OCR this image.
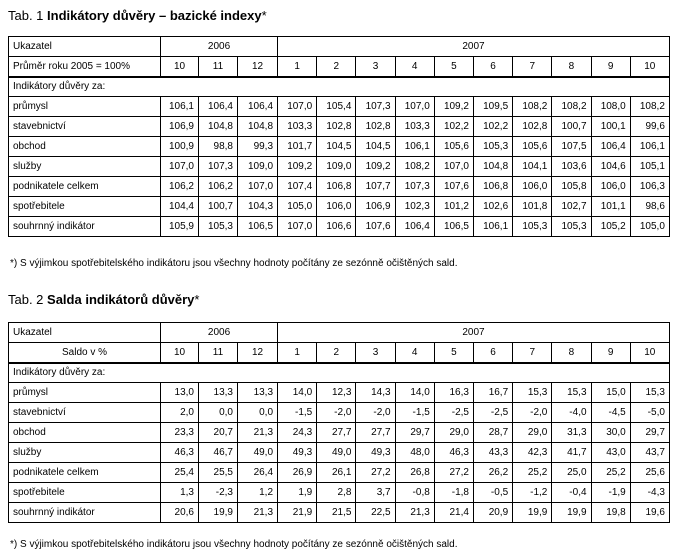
Tab. 1 Indikátory důvěry – bazické indexy*
Ukazatel	2006			2007									
Průměr roku 2005 = 100%	10	11	12	1	2	3	4	5	6	7	8	9	10
Indikátory důvěry za:													
průmysl	106,1	106,4	106,4	107,0	105,4	107,3	107,0	109,2	109,5	108,2	108,2	108,0	108,2
stavebnictví	106,9	104,8	104,8	103,3	102,8	102,8	103,3	102,2	102,2	102,8	100,7	100,1	99,6
obchod	100,9	98,8	99,3	101,7	104,5	104,5	106,1	105,6	105,3	105,6	107,5	106,4	106,1
služby	107,0	107,3	109,0	109,2	109,0	109,2	108,2	107,0	104,8	104,1	103,6	104,6	105,1
podnikatele celkem	106,2	106,2	107,0	107,4	106,8	107,7	107,3	107,6	106,8	106,0	105,8	106,0	106,3
spotřebitele	104,4	100,7	104,3	105,0	106,0	106,9	102,3	101,2	102,6	101,8	102,7	101,1	98,6
souhrnný indikátor	105,9	105,3	106,5	107,0	106,6	107,6	106,4	106,5	106,1	105,3	105,3	105,2	105,0
*) S výjimkou spotřebitelského indikátoru jsou všechny hodnoty počítány ze sezónně očištěných sald.
Tab. 2 Salda indikátorů důvěry*
Ukazatel	2006			2007									
Saldo v %	10	11	12	1	2	3	4	5	6	7	8	9	10
Indikátory důvěry za:													
průmysl	13,0	13,3	13,3	14,0	12,3	14,3	14,0	16,3	16,7	15,3	15,3	15,0	15,3
stavebnictví	2,0	0,0	0,0	-1,5	-2,0	-2,0	-1,5	-2,5	-2,5	-2,0	-4,0	-4,5	-5,0
obchod	23,3	20,7	21,3	24,3	27,7	27,7	29,7	29,0	28,7	29,0	31,3	30,0	29,7
služby	46,3	46,7	49,0	49,3	49,0	49,3	48,0	46,3	43,3	42,3	41,7	43,0	43,7
podnikatele celkem	25,4	25,5	26,4	26,9	26,1	27,2	26,8	27,2	26,2	25,2	25,0	25,2	25,6
spotřebitele	1,3	-2,3	1,2	1,9	2,8	3,7	-0,8	-1,8	-0,5	-1,2	-0,4	-1,9	-4,3
souhrnný indikátor	20,6	19,9	21,3	21,9	21,5	22,5	21,3	21,4	20,9	19,9	19,9	19,8	19,6
*) S výjimkou spotřebitelského indikátoru jsou všechny hodnoty počítány ze sezónně očištěných sald.
